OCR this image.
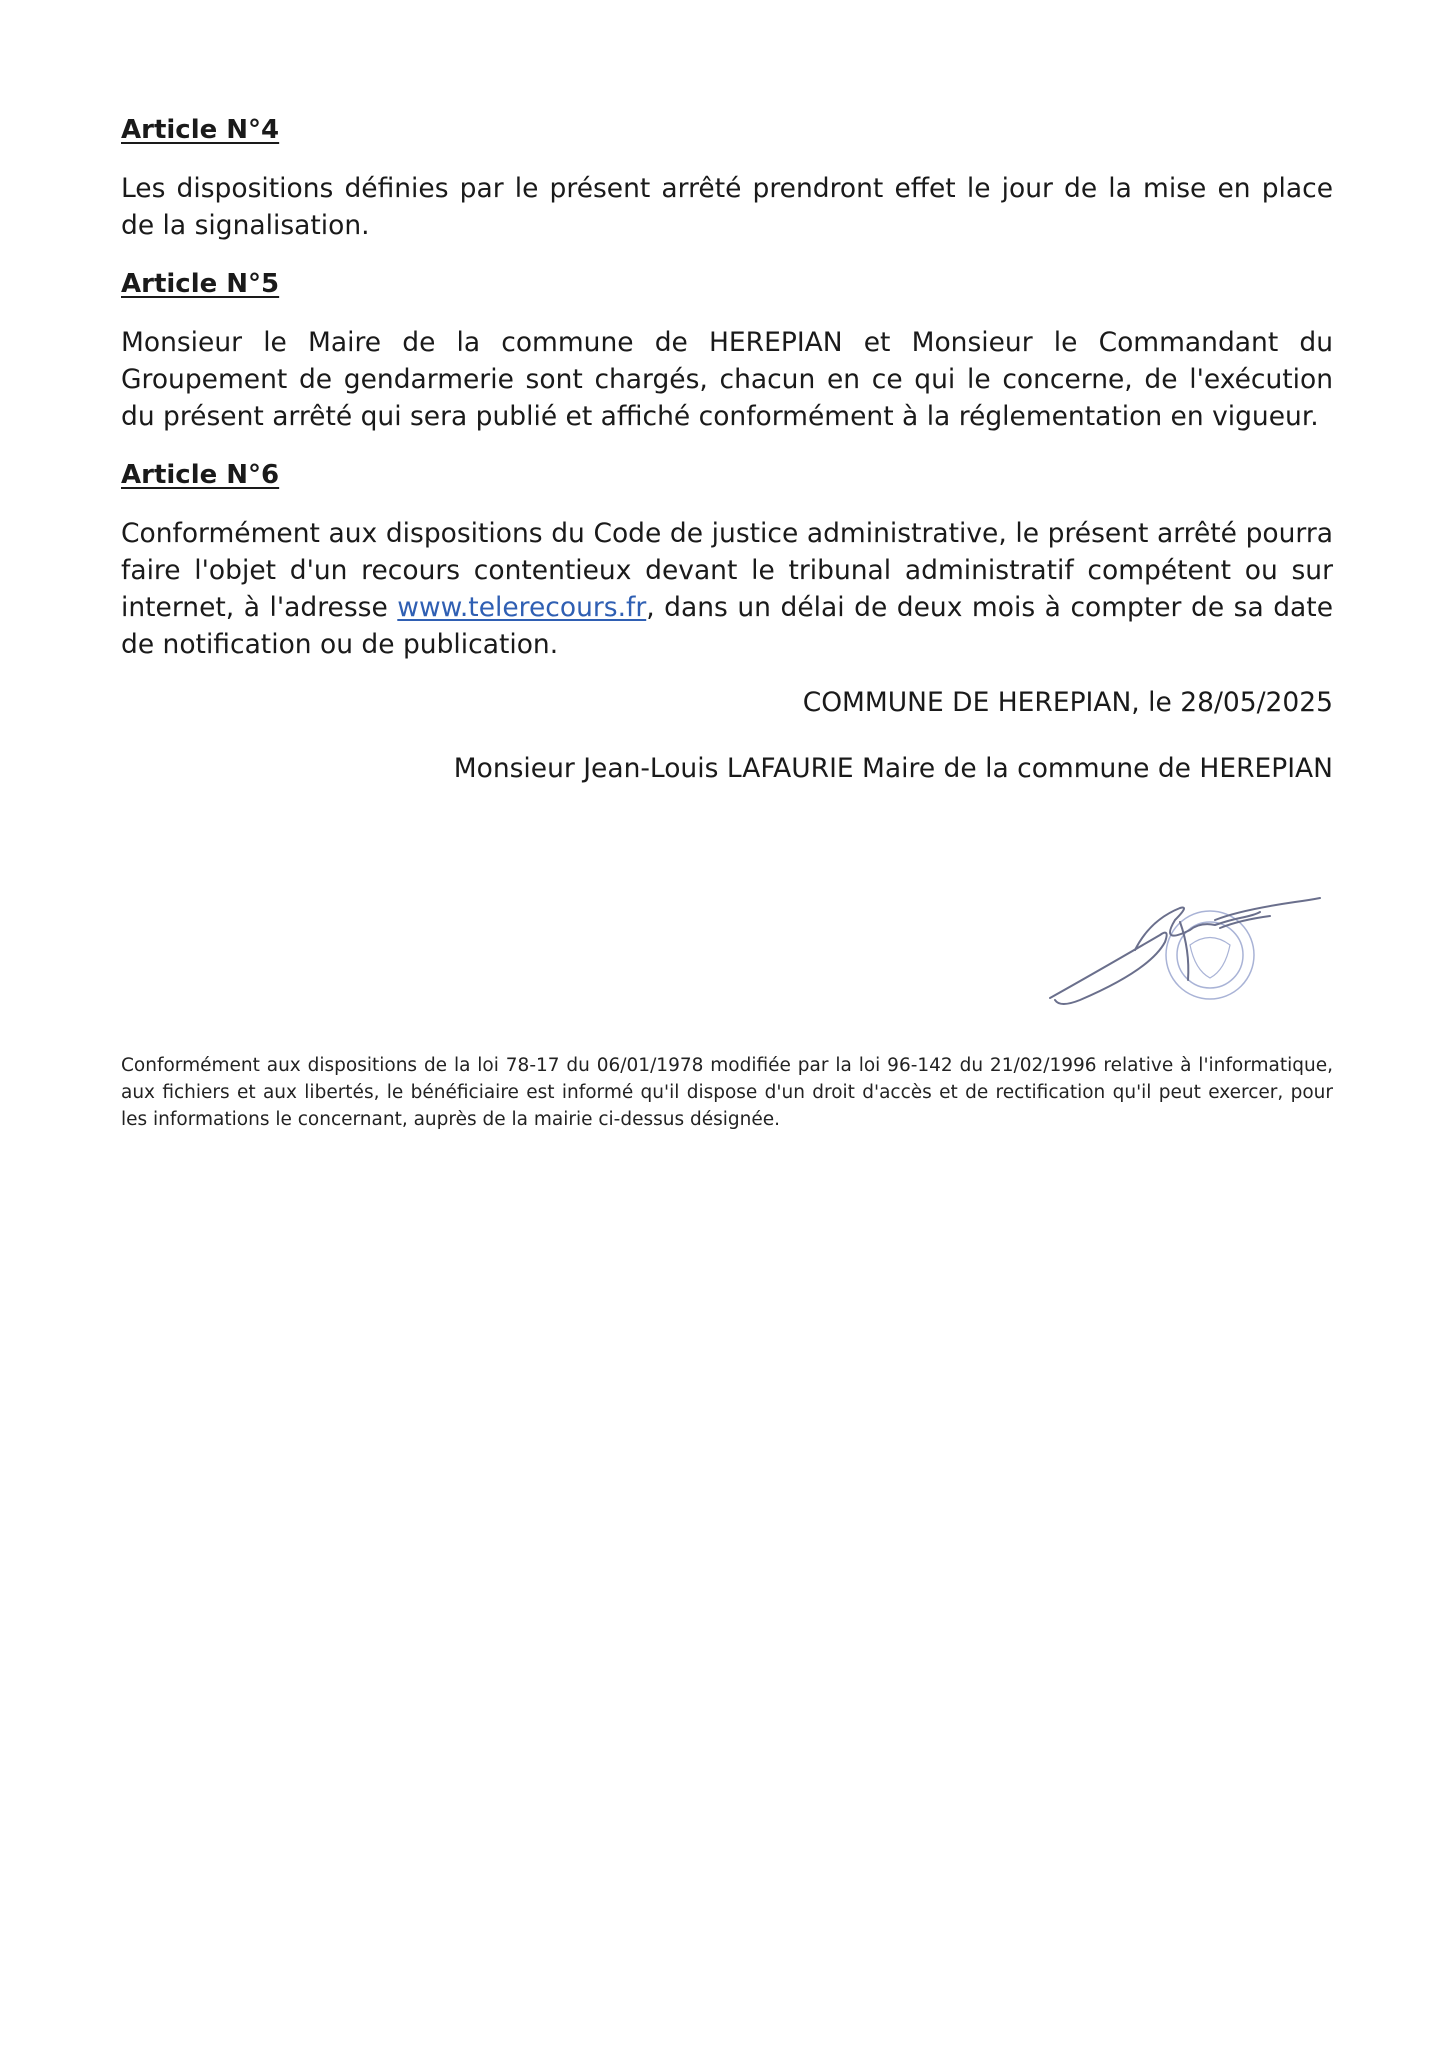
Article N°4

Les dispositions définies par le présent arrêté prendront effet le jour de la mise en place de la signalisation.

Article N°5

Monsieur le Maire de la commune de HEREPIAN et Monsieur le Commandant du Groupement de gendarmerie sont chargés, chacun en ce qui le concerne, de l'exécution du présent arrêté qui sera publié et affiché conformément à la réglementation en vigueur.

Article N°6

Conformément aux dispositions du Code de justice administrative, le présent arrêté pourra faire l'objet d'un recours contentieux devant le tribunal administratif compétent ou sur internet, à l'adresse www.telerecours.fr, dans un délai de deux mois à compter de sa date de notification ou de publication.

COMMUNE DE HEREPIAN, le 28/05/2025

Monsieur Jean-Louis LAFAURIE Maire de la commune de HEREPIAN

Conformément aux dispositions de la loi 78-17 du 06/01/1978 modifiée par la loi 96-142 du 21/02/1996 relative à l'informatique, aux fichiers et aux libertés, le bénéficiaire est informé qu'il dispose d'un droit d'accès et de rectification qu'il peut exercer, pour les informations le concernant, auprès de la mairie ci-dessus désignée.
